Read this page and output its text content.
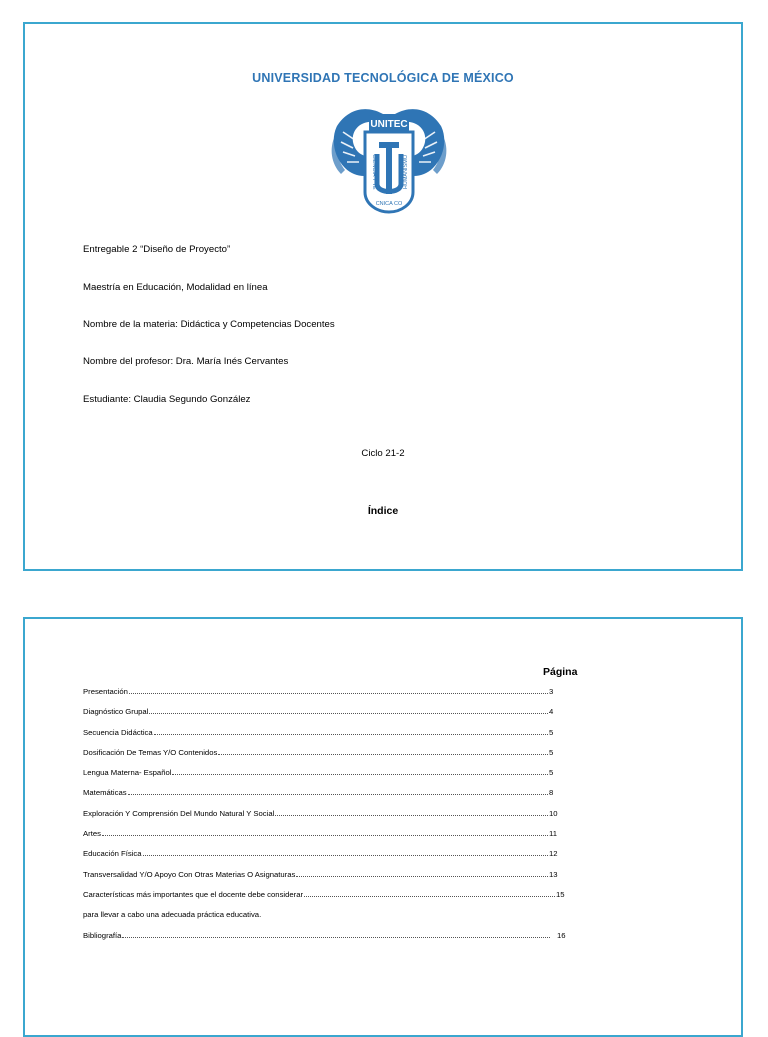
UNIVERSIDAD TECNOLÓGICA DE MÉXICO
UNITEC
CIENCIA Y TE	HUMANISMO
CNICA CO
Entregable 2 “Diseño de Proyecto”
Maestría en Educación, Modalidad en línea
Nombre de la materia: Didáctica y Competencias Docentes
Nombre del profesor: Dra. María Inés Cervantes
Estudiante: Claudia Segundo González
Ciclo 21-2
Índice
Página
Presentación	3
Diagnóstico Grupal	4
Secuencia Didáctica	5
Dosificación De Temas Y/O Contenidos	5
Lengua Materna- Español	5
Matemáticas	8
Exploración Y Comprensión Del Mundo Natural Y Social	10
Artes	11
Educación Física	12
Transversalidad Y/O Apoyo Con Otras Materias O Asignaturas	13
Características más importantes que el docente debe considerar	15
para llevar a cabo una adecuada práctica educativa.
Bibliografía	16
